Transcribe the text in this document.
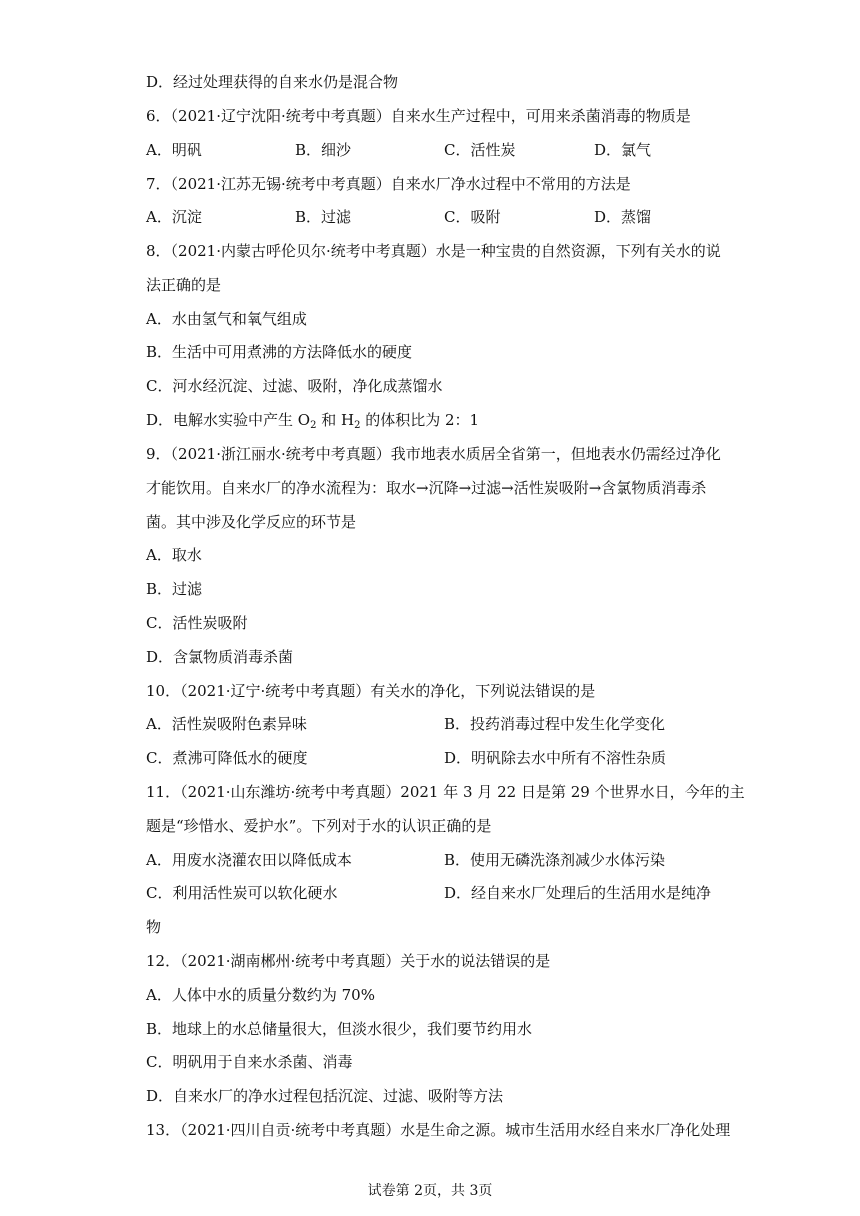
D．经过处理获得的自来水仍是混合物
6．（2021·辽宁沈阳·统考中考真题）自来水生产过程中，可用来杀菌消毒的物质是
A．明矾	B．细沙	C．活性炭	D．氯气
7．（2021·江苏无锡·统考中考真题）自来水厂净水过程中不常用的方法是
A．沉淀	B．过滤	C．吸附	D．蒸馏
8．（2021·内蒙古呼伦贝尔·统考中考真题）水是一种宝贵的自然资源，下列有关水的说
法正确的是
A．水由氢气和氧气组成
B．生活中可用煮沸的方法降低水的硬度
C．河水经沉淀、过滤、吸附，净化成蒸馏水
D．电解水实验中产生 $O_2$ 和 $H_2$ 的体积比为 2：1
9．（2021·浙江丽水·统考中考真题）我市地表水质居全省第一，但地表水仍需经过净化
才能饮用。自来水厂的净水流程为：取水→沉降→过滤→活性炭吸附→含氯物质消毒杀
菌。其中涉及化学反应的环节是
A．取水
B．过滤
C．活性炭吸附
D．含氯物质消毒杀菌
10．（2021·辽宁·统考中考真题）有关水的净化，下列说法错误的是
A．活性炭吸附色素异味	B．投药消毒过程中发生化学变化
C．煮沸可降低水的硬度	D．明矾除去水中所有不溶性杂质
11．（2021·山东潍坊·统考中考真题）2021 年 3 月 22 日是第 29 个世界水日，今年的主
题是“珍惜水、爱护水”。下列对于水的认识正确的是
A．用废水浇灌农田以降低成本	B．使用无磷洗涤剂减少水体污染
C．利用活性炭可以软化硬水	D．经自来水厂处理后的生活用水是纯净
物
12．（2021·湖南郴州·统考中考真题）关于水的说法错误的是
A．人体中水的质量分数约为 70%
B．地球上的水总储量很大，但淡水很少，我们要节约用水
C．明矾用于自来水杀菌、消毒
D．自来水厂的净水过程包括沉淀、过滤、吸附等方法
13．（2021·四川自贡·统考中考真题）水是生命之源。城市生活用水经自来水厂净化处理
试卷第 2页，共 3页
